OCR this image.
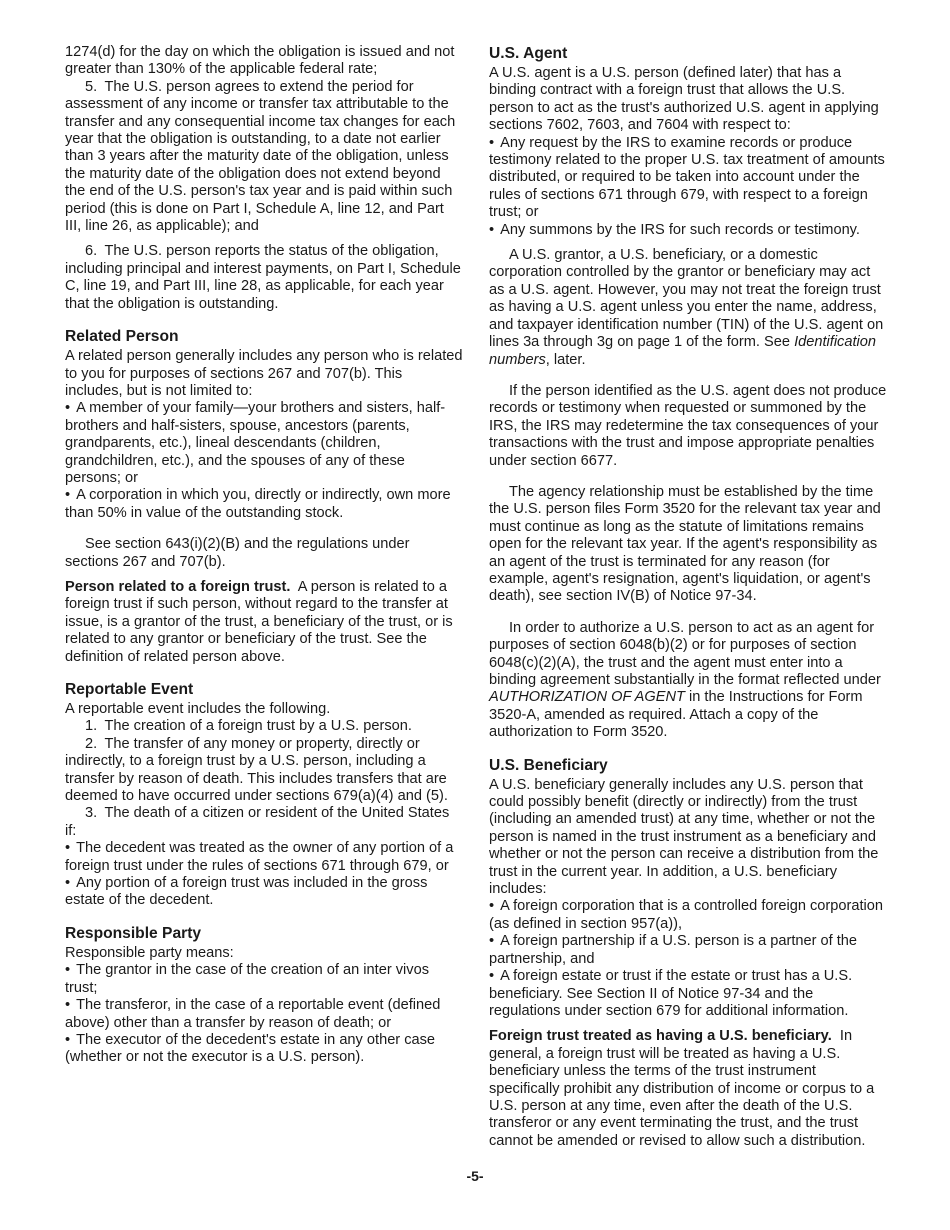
1274(d) for the day on which the obligation is issued and not greater than 130% of the applicable federal rate;

5. The U.S. person agrees to extend the period for assessment of any income or transfer tax attributable to the transfer and any consequential income tax changes for each year that the obligation is outstanding, to a date not earlier than 3 years after the maturity date of the obligation, unless the maturity date of the obligation does not extend beyond the end of the U.S. person's tax year and is paid within such period (this is done on Part I, Schedule A, line 12, and Part III, line 26, as applicable); and

6. The U.S. person reports the status of the obligation, including principal and interest payments, on Part I, Schedule C, line 19, and Part III, line 28, as applicable, for each year that the obligation is outstanding.

Related Person

A related person generally includes any person who is related to you for purposes of sections 267 and 707(b). This includes, but is not limited to:

• A member of your family—your brothers and sisters, half-brothers and half-sisters, spouse, ancestors (parents, grandparents, etc.), lineal descendants (children, grandchildren, etc.), and the spouses of any of these persons; or

• A corporation in which you, directly or indirectly, own more than 50% in value of the outstanding stock.

See section 643(i)(2)(B) and the regulations under sections 267 and 707(b).

Person related to a foreign trust. A person is related to a foreign trust if such person, without regard to the transfer at issue, is a grantor of the trust, a beneficiary of the trust, or is related to any grantor or beneficiary of the trust. See the definition of related person above.

Reportable Event

A reportable event includes the following.

1. The creation of a foreign trust by a U.S. person.

2. The transfer of any money or property, directly or indirectly, to a foreign trust by a U.S. person, including a transfer by reason of death. This includes transfers that are deemed to have occurred under sections 679(a)(4) and (5).

3. The death of a citizen or resident of the United States if:

• The decedent was treated as the owner of any portion of a foreign trust under the rules of sections 671 through 679, or

• Any portion of a foreign trust was included in the gross estate of the decedent.

Responsible Party

Responsible party means:

• The grantor in the case of the creation of an inter vivos trust;

• The transferor, in the case of a reportable event (defined above) other than a transfer by reason of death; or

• The executor of the decedent's estate in any other case (whether or not the executor is a U.S. person).

U.S. Agent

A U.S. agent is a U.S. person (defined later) that has a binding contract with a foreign trust that allows the U.S. person to act as the trust's authorized U.S. agent in applying sections 7602, 7603, and 7604 with respect to:

• Any request by the IRS to examine records or produce testimony related to the proper U.S. tax treatment of amounts distributed, or required to be taken into account under the rules of sections 671 through 679, with respect to a foreign trust; or

• Any summons by the IRS for such records or testimony.

A U.S. grantor, a U.S. beneficiary, or a domestic corporation controlled by the grantor or beneficiary may act as a U.S. agent. However, you may not treat the foreign trust as having a U.S. agent unless you enter the name, address, and taxpayer identification number (TIN) of the U.S. agent on lines 3a through 3g on page 1 of the form. See Identification numbers, later.

If the person identified as the U.S. agent does not produce records or testimony when requested or summoned by the IRS, the IRS may redetermine the tax consequences of your transactions with the trust and impose appropriate penalties under section 6677.

The agency relationship must be established by the time the U.S. person files Form 3520 for the relevant tax year and must continue as long as the statute of limitations remains open for the relevant tax year. If the agent's responsibility as an agent of the trust is terminated for any reason (for example, agent's resignation, agent's liquidation, or agent's death), see section IV(B) of Notice 97-34.

In order to authorize a U.S. person to act as an agent for purposes of section 6048(b)(2) or for purposes of section 6048(c)(2)(A), the trust and the agent must enter into a binding agreement substantially in the format reflected under AUTHORIZATION OF AGENT in the Instructions for Form 3520-A, amended as required. Attach a copy of the authorization to Form 3520.

U.S. Beneficiary

A U.S. beneficiary generally includes any U.S. person that could possibly benefit (directly or indirectly) from the trust (including an amended trust) at any time, whether or not the person is named in the trust instrument as a beneficiary and whether or not the person can receive a distribution from the trust in the current year. In addition, a U.S. beneficiary includes:

• A foreign corporation that is a controlled foreign corporation (as defined in section 957(a)),

• A foreign partnership if a U.S. person is a partner of the partnership, and

• A foreign estate or trust if the estate or trust has a U.S. beneficiary. See Section II of Notice 97-34 and the regulations under section 679 for additional information.

Foreign trust treated as having a U.S. beneficiary. In general, a foreign trust will be treated as having a U.S. beneficiary unless the terms of the trust instrument specifically prohibit any distribution of income or corpus to a U.S. person at any time, even after the death of the U.S. transferor or any event terminating the trust, and the trust cannot be amended or revised to allow such a distribution.

-5-
